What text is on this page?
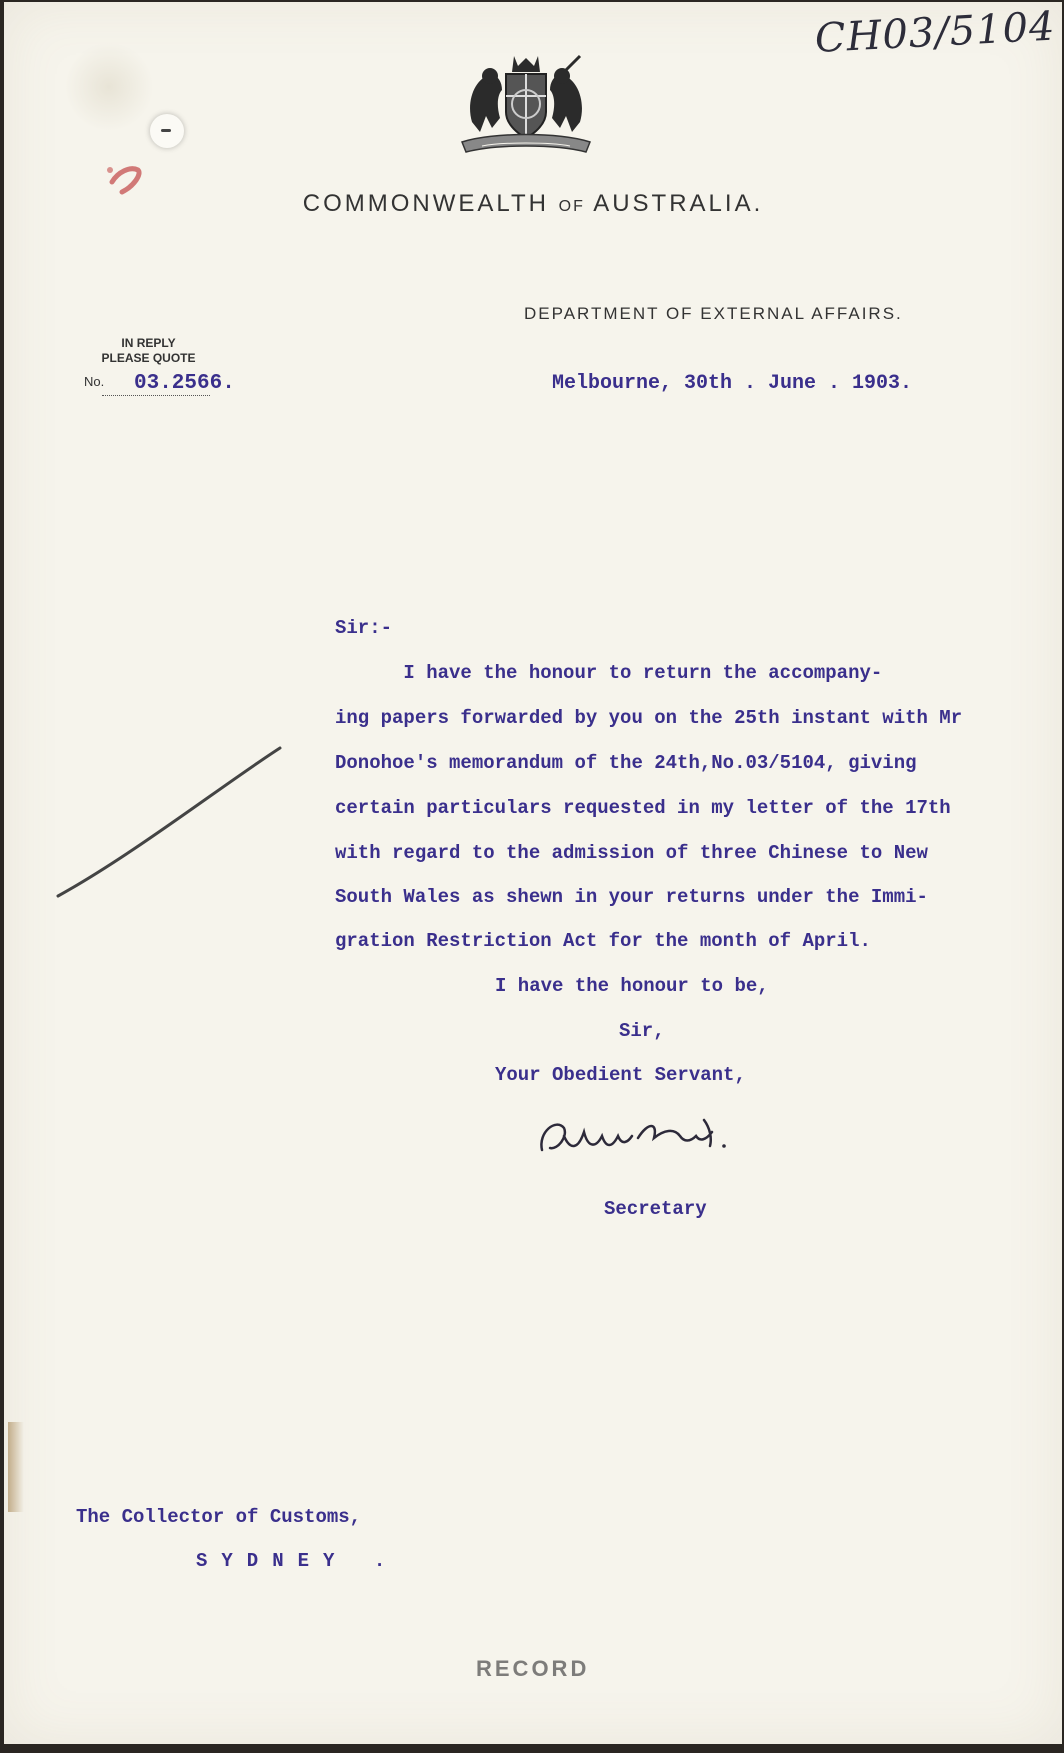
CH03/5104
COMMONWEALTH OF AUSTRALIA.
DEPARTMENT OF EXTERNAL AFFAIRS.
IN REPLY
PLEASE QUOTE
No. 03.2566.	Melbourne, 30th . June . 1903.
Sir:-
I have the honour to return the accompany-
ing papers forwarded by you on the 25th instant with Mr
Donohoe's memorandum of the 24th,No.03/5104, giving
certain particulars requested in my letter of the 17th
with regard to the admission of three Chinese to New
South Wales as shewn in your returns under the Immi-
gration Restriction Act for the month of April.
I have the honour to be,
Sir,
Your Obedient Servant,
Secretary
The Collector of Customs,
SYDNEY .
RECORD
